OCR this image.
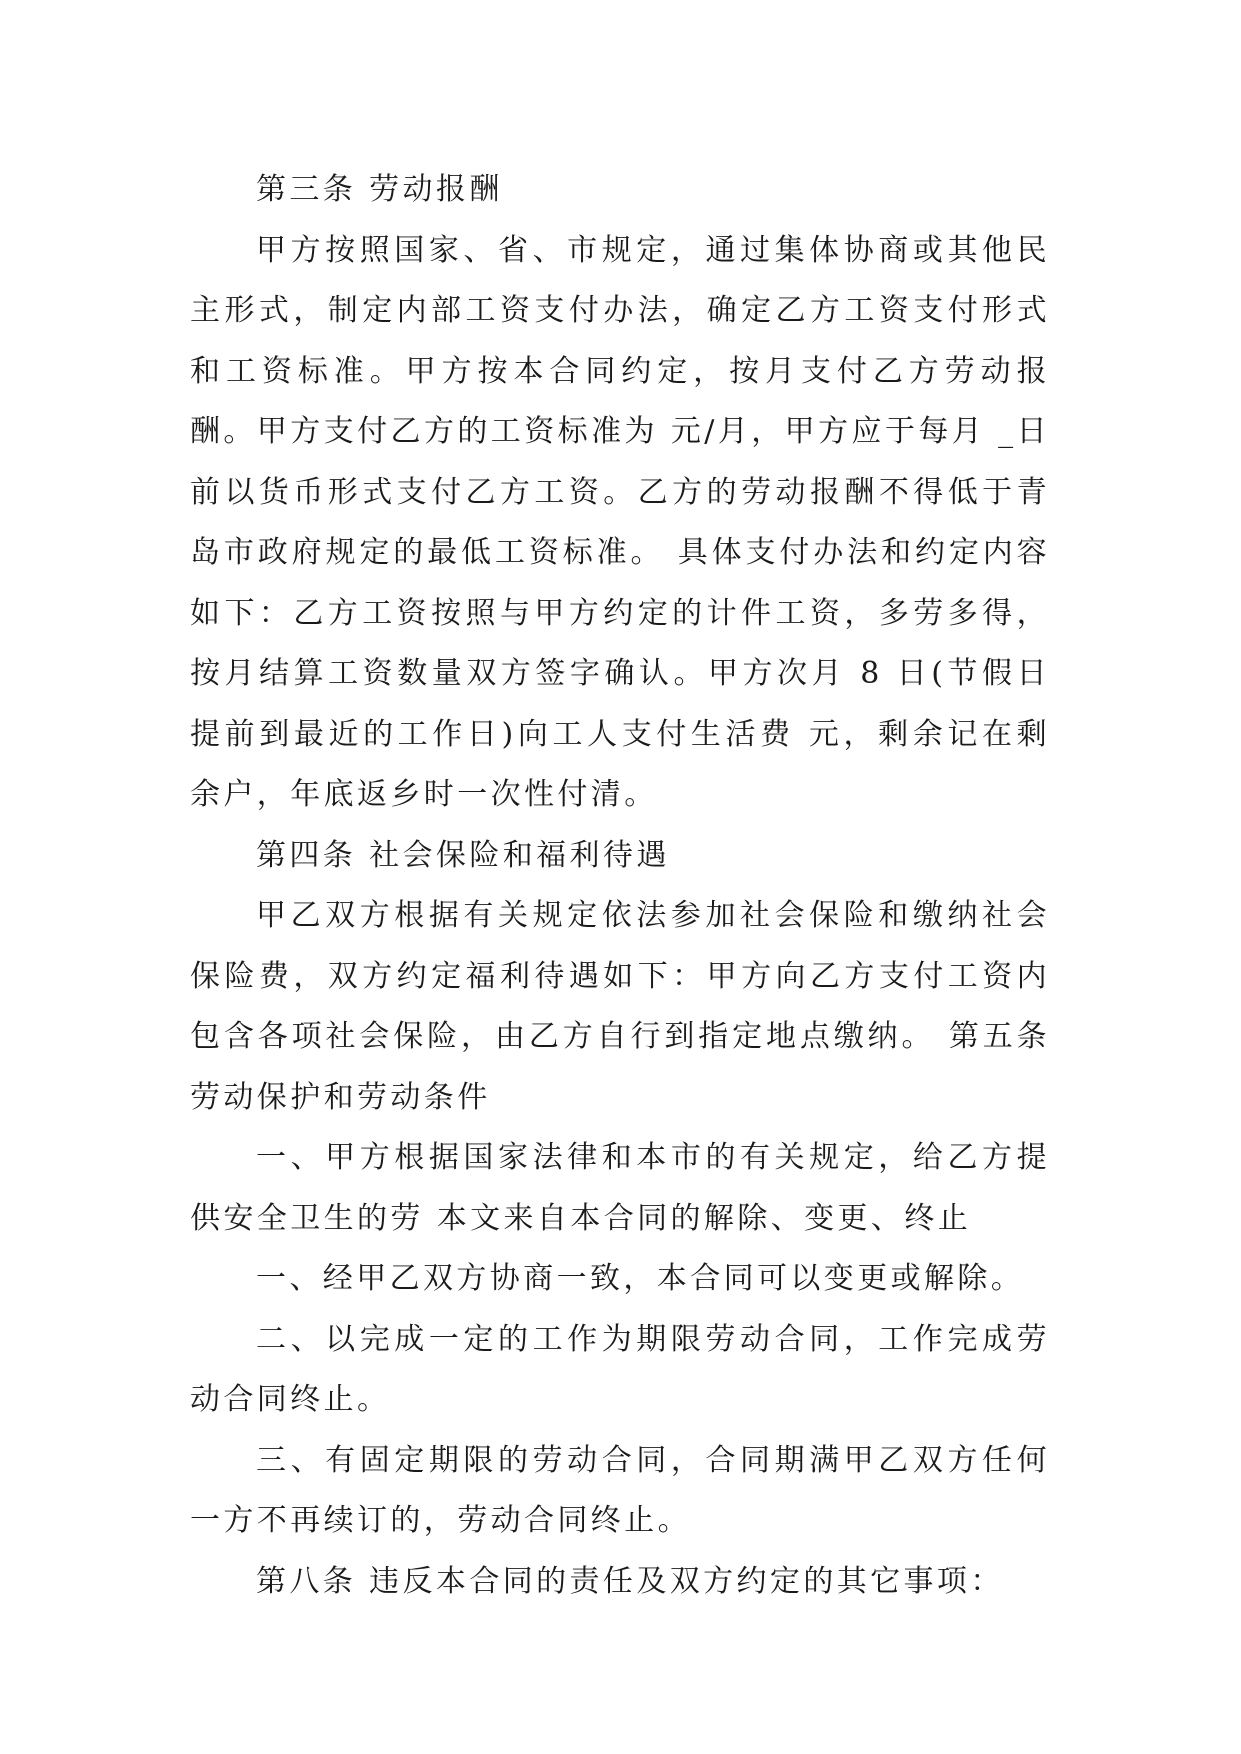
第三条 劳动报酬

甲方按照国家、省、市规定，通过集体协商或其他民主形式，制定内部工资支付办法，确定乙方工资支付形式和工资标准。甲方按本合同约定，按月支付乙方劳动报酬。甲方支付乙方的工资标准为 元/月，甲方应于每月 _日前以货币形式支付乙方工资。乙方的劳动报酬不得低于青岛市政府规定的最低工资标准。 具体支付办法和约定内容如下：乙方工资按照与甲方约定的计件工资，多劳多得，按月结算工资数量双方签字确认。甲方次月 8 日(节假日提前到最近的工作日)向工人支付生活费 元，剩余记在剩余户，年底返乡时一次性付清。

第四条 社会保险和福利待遇

甲乙双方根据有关规定依法参加社会保险和缴纳社会保险费，双方约定福利待遇如下：甲方向乙方支付工资内包含各项社会保险，由乙方自行到指定地点缴纳。 第五条 劳动保护和劳动条件

一、甲方根据国家法律和本市的有关规定，给乙方提供安全卫生的劳 本文来自本合同的解除、变更、终止

一、经甲乙双方协商一致，本合同可以变更或解除。

二、以完成一定的工作为期限劳动合同，工作完成劳动合同终止。

三、有固定期限的劳动合同，合同期满甲乙双方任何一方不再续订的，劳动合同终止。

第八条 违反本合同的责任及双方约定的其它事项：
